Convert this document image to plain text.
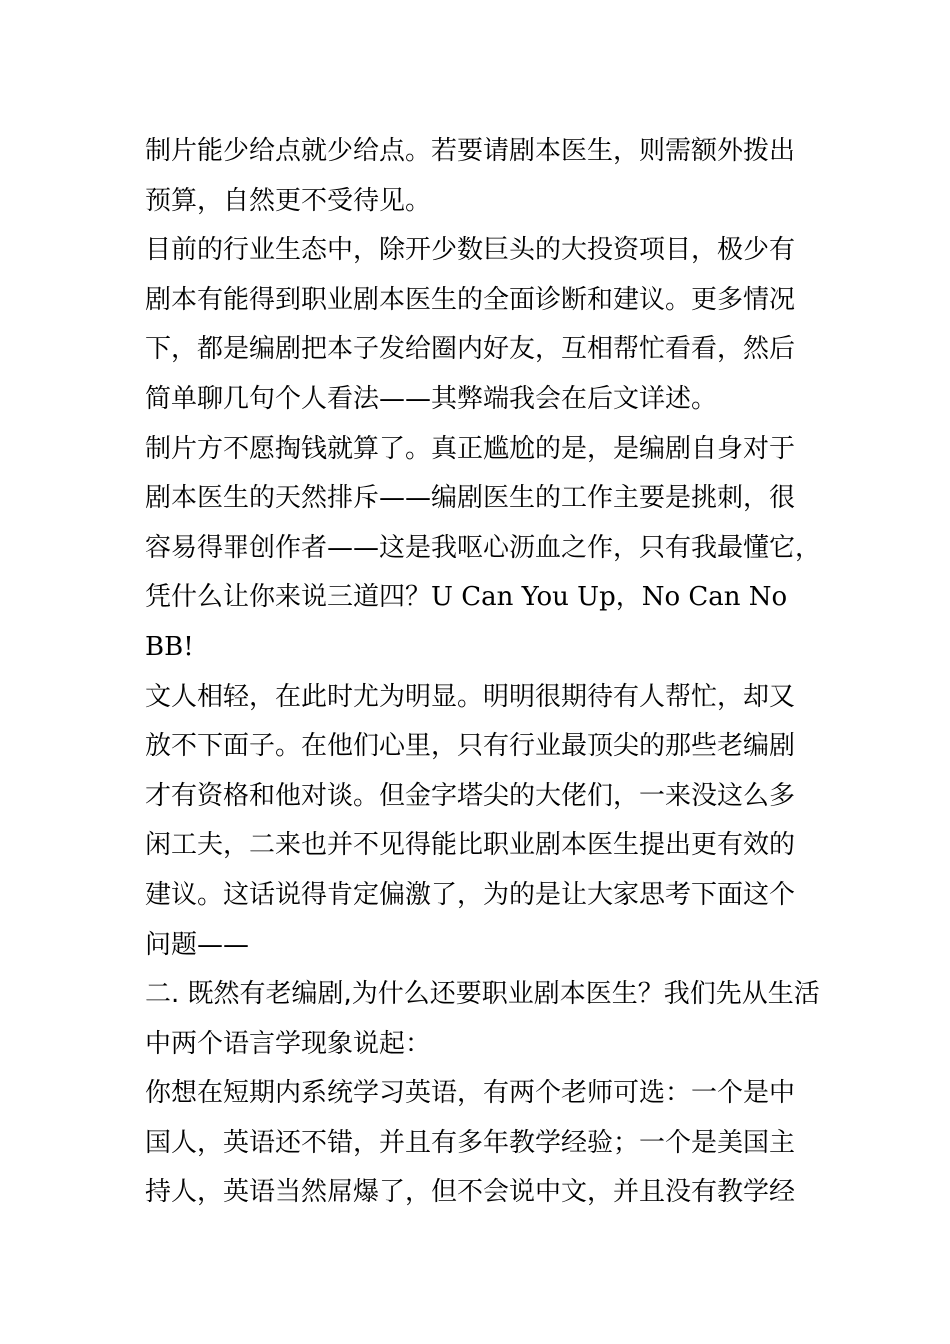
制片能少给点就少给点。若要请剧本医生，则需额外拨出
预算，自然更不受待见。
目前的行业生态中，除开少数巨头的大投资项目，极少有
剧本有能得到职业剧本医生的全面诊断和建议。更多情况
下，都是编剧把本子发给圈内好友，互相帮忙看看，然后
简单聊几句个人看法——其弊端我会在后文详述。
制片方不愿掏钱就算了。真正尴尬的是，是编剧自身对于
剧本医生的天然排斥——编剧医生的工作主要是挑刺，很
容易得罪创作者——这是我呕心沥血之作，只有我最懂它，
凭什么让你来说三道四？U Can You Up，No Can No
BB!
文人相轻，在此时尤为明显。明明很期待有人帮忙，却又
放不下面子。在他们心里，只有行业最顶尖的那些老编剧
才有资格和他对谈。但金字塔尖的大佬们，一来没这么多
闲工夫，二来也并不见得能比职业剧本医生提出更有效的
建议。这话说得肯定偏激了，为的是让大家思考下面这个
问题——
二. 既然有老编剧,为什么还要职业剧本医生？我们先从生活
中两个语言学现象说起：
你想在短期内系统学习英语，有两个老师可选：一个是中
国人，英语还不错，并且有多年教学经验；一个是美国主
持人，英语当然屌爆了，但不会说中文，并且没有教学经
